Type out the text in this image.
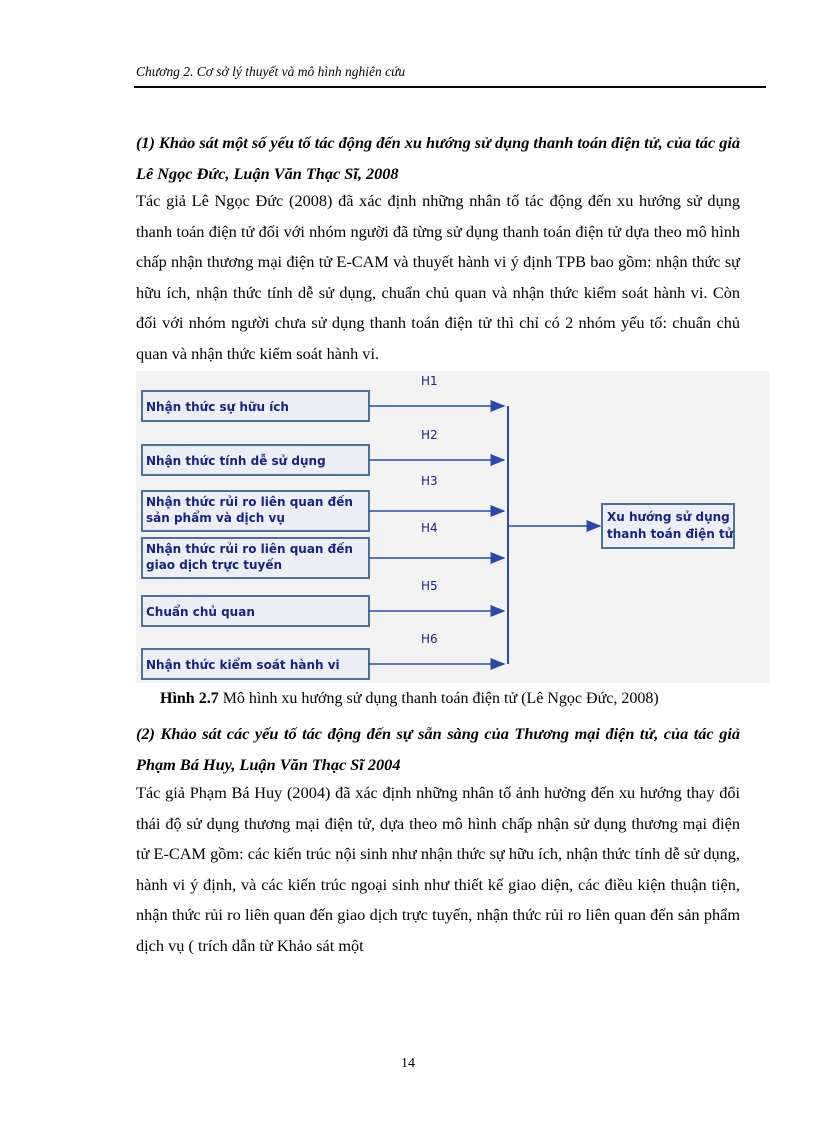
Chương 2. Cơ sở lý thuyết và mô hình nghiên cứu
(1) Khảo sát một số yếu tố tác động đến xu hướng sử dụng thanh toán điện tử, của tác giả Lê Ngọc Đức, Luận Văn Thạc Sĩ, 2008
Tác giả Lê Ngọc Đức (2008) đã xác định những nhân tố tác động đến xu hướng sử dụng thanh toán điện tử đối với nhóm người đã từng sử dụng thanh toán điện tử dựa theo mô hình chấp nhận thương mại điện tử E-CAM và thuyết hành vi ý định TPB bao gồm: nhận thức sự hữu ích, nhận thức tính dễ sử dụng, chuẩn chủ quan và nhận thức kiểm soát hành vi. Còn đối với nhóm người chưa sử dụng thanh toán điện tử thì chỉ có 2 nhóm yếu tố: chuẩn chủ quan và nhận thức kiểm soát hành vi.
Nhận thức sự hữu ích
H1
Nhận thức tính dễ sử dụng
H2
Nhận thức rủi ro liên quan đến sản phẩm và dịch vụ
H3
Nhận thức rủi ro liên quan đến giao dịch trực tuyến
H4
Chuẩn chủ quan
H5
Nhận thức kiểm soát hành vi
H6
Xu hướng sử dụng thanh toán điện tử
Hình 2.7 Mô hình xu hướng sử dụng thanh toán điện tử (Lê Ngọc Đức, 2008)
(2) Khảo sát các yếu tố tác động đến sự sẵn sàng của Thương mại điện tử, của tác giả Phạm Bá Huy, Luận Văn Thạc Sĩ 2004
Tác giả Phạm Bá Huy (2004) đã xác định những nhân tố ảnh hưởng đến xu hướng thay đổi thái độ sử dụng thương mại điện tử, dựa theo mô hình chấp nhận sử dụng thương mại điện tử E-CAM gồm: các kiến trúc nội sinh như nhận thức sự hữu ích, nhận thức tính dễ sử dụng, hành vi ý định, và các kiến trúc ngoại sinh như thiết kế giao diện, các điều kiện thuận tiện, nhận thức rủi ro liên quan đến giao dịch trực tuyến, nhận thức rủi ro liên quan đến sản phẩm dịch vụ ( trích dẫn từ Khảo sát một
14
